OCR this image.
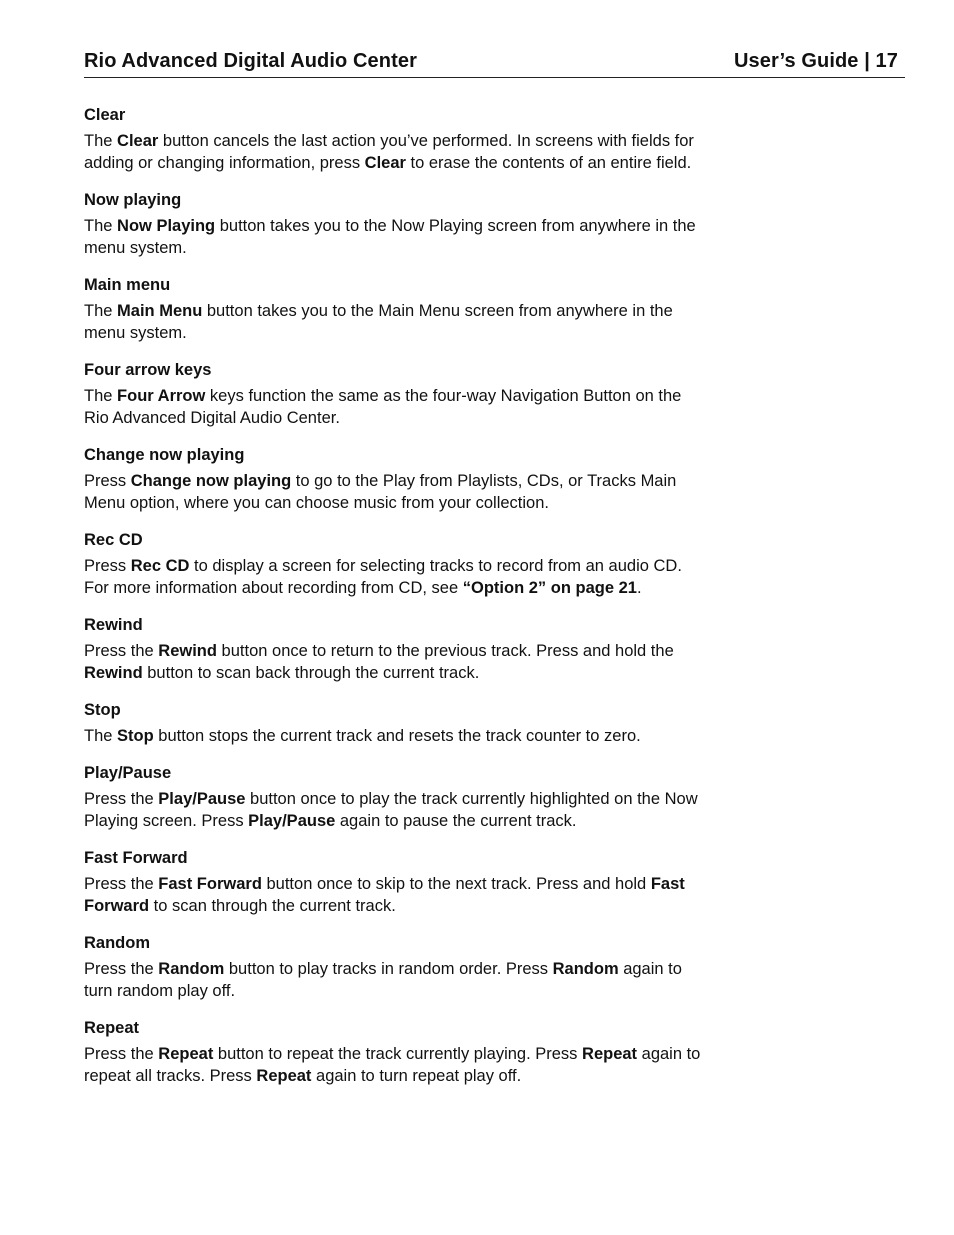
Rio Advanced Digital Audio Center	User’s Guide | 17
Clear

The Clear button cancels the last action you’ve performed. In screens with fields for adding or changing information, press Clear to erase the contents of an entire field.

Now playing

The Now Playing button takes you to the Now Playing screen from anywhere in the menu system.

Main menu

The Main Menu button takes you to the Main Menu screen from anywhere in the menu system.

Four arrow keys

The Four Arrow keys function the same as the four-way Navigation Button on the Rio Advanced Digital Audio Center.

Change now playing

Press Change now playing to go to the Play from Playlists, CDs, or Tracks Main Menu option, where you can choose music from your collection.

Rec CD

Press Rec CD to display a screen for selecting tracks to record from an audio CD. For more information about recording from CD, see “Option 2” on page 21.

Rewind

Press the Rewind button once to return to the previous track. Press and hold the Rewind button to scan back through the current track.

Stop

The Stop button stops the current track and resets the track counter to zero.

Play/Pause

Press the Play/Pause button once to play the track currently highlighted on the Now Playing screen. Press Play/Pause again to pause the current track.

Fast Forward

Press the Fast Forward button once to skip to the next track. Press and hold Fast Forward to scan through the current track.

Random

Press the Random button to play tracks in random order. Press Random again to turn random play off.

Repeat

Press the Repeat button to repeat the track currently playing. Press Repeat again to repeat all tracks. Press Repeat again to turn repeat play off.
